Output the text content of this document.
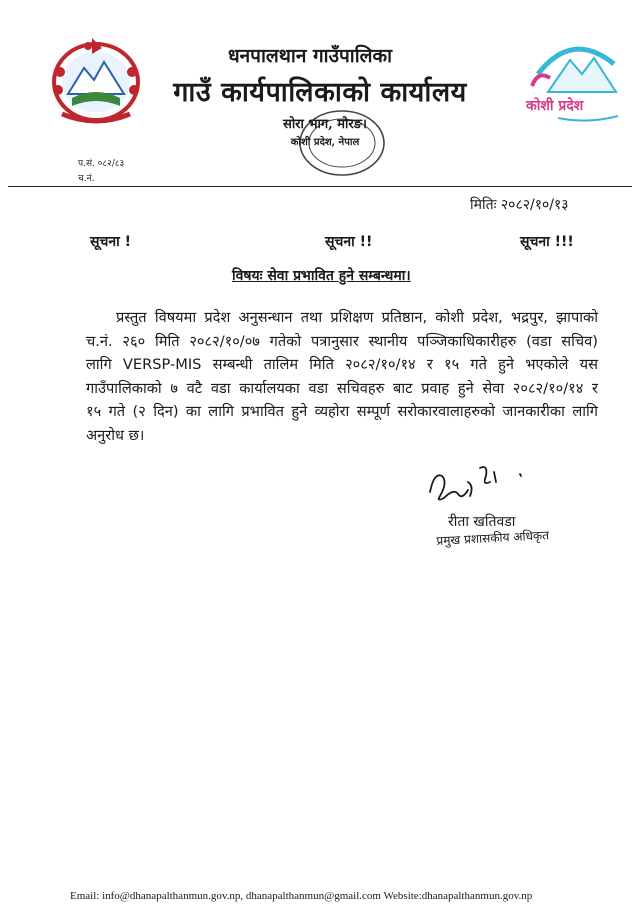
कोशी प्रदेश
धनपालथान गाउँपालिका
गाउँ कार्यपालिकाको कार्यालय
सोरा भाग, मोरङ।
कोशी प्रदेश, नेपाल
प.सं. ०८२/८३
च.नं.
मितिः २०८२/१०/१३
सूचना !	सूचना !!	सूचना !!!
विषयः सेवा प्रभावित हुने सम्बन्धमा।
प्रस्तुत विषयमा प्रदेश अनुसन्धान तथा प्रशिक्षण प्रतिष्ठान, कोशी प्रदेश, भद्रपुर, झापाको
च.नं. २६० मिति २०८२/१०/०७ गतेको पत्रानुसार स्थानीय पञ्जिकाधिकारीहरु (वडा सचिव)
लागि VERSP-MIS सम्बन्धी तालिम मिति २०८२/१०/१४ र १५ गते हुने भएकोले यस
गाउँपालिकाको ७ वटै वडा कार्यालयका वडा सचिवहरु बाट प्रवाह हुने सेवा २०८२/१०/१४ र
१५ गते (२ दिन) का लागि प्रभावित हुने व्यहोरा सम्पूर्ण सरोकारवालाहरुको जानकारीका लागि
अनुरोध छ।
रीता खतिवडा
प्रमुख प्रशासकीय अधिकृत
Email: info@dhanapalthanmun.gov.np, dhanapalthanmun@gmail.com Website:dhanapalthanmun.gov.np
